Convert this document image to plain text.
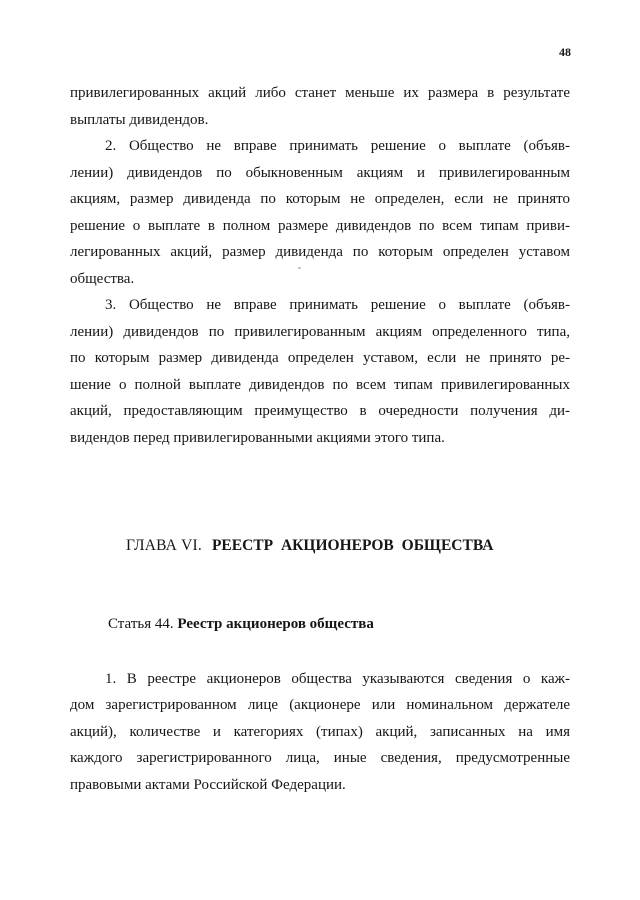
48
привилегированных акций либо станет меньше их размера в результате
выплаты дивидендов.
2. Общество не вправе принимать решение о выплате (объяв-
лении) дивидендов по обыкновенным акциям и привилегированным
акциям, размер дивиденда по которым не определен, если не принято
решение о выплате в полном размере дивидендов по всем типам приви-
легированных акций, размер дивиденда по которым определен уставом
общества.
3. Общество не вправе принимать решение о выплате (объяв-
лении) дивидендов по привилегированным акциям определенного типа,
по которым размер дивиденда определен уставом, если не принято ре-
шение о полной выплате дивидендов по всем типам привилегированных
акций, предоставляющим преимущество в очередности получения ди-
видендов перед привилегированными акциями этого типа.
ГЛАВА VI. РЕЕСТР АКЦИОНЕРОВ ОБЩЕСТВА
Статья 44. Реестр акционеров общества
1. В реестре акционеров общества указываются сведения о каж-
дом зарегистрированном лице (акционере или номинальном держателе
акций), количестве и категориях (типах) акций, записанных на имя
каждого зарегистрированного лица, иные сведения, предусмотренные
правовыми актами Российской Федерации.
